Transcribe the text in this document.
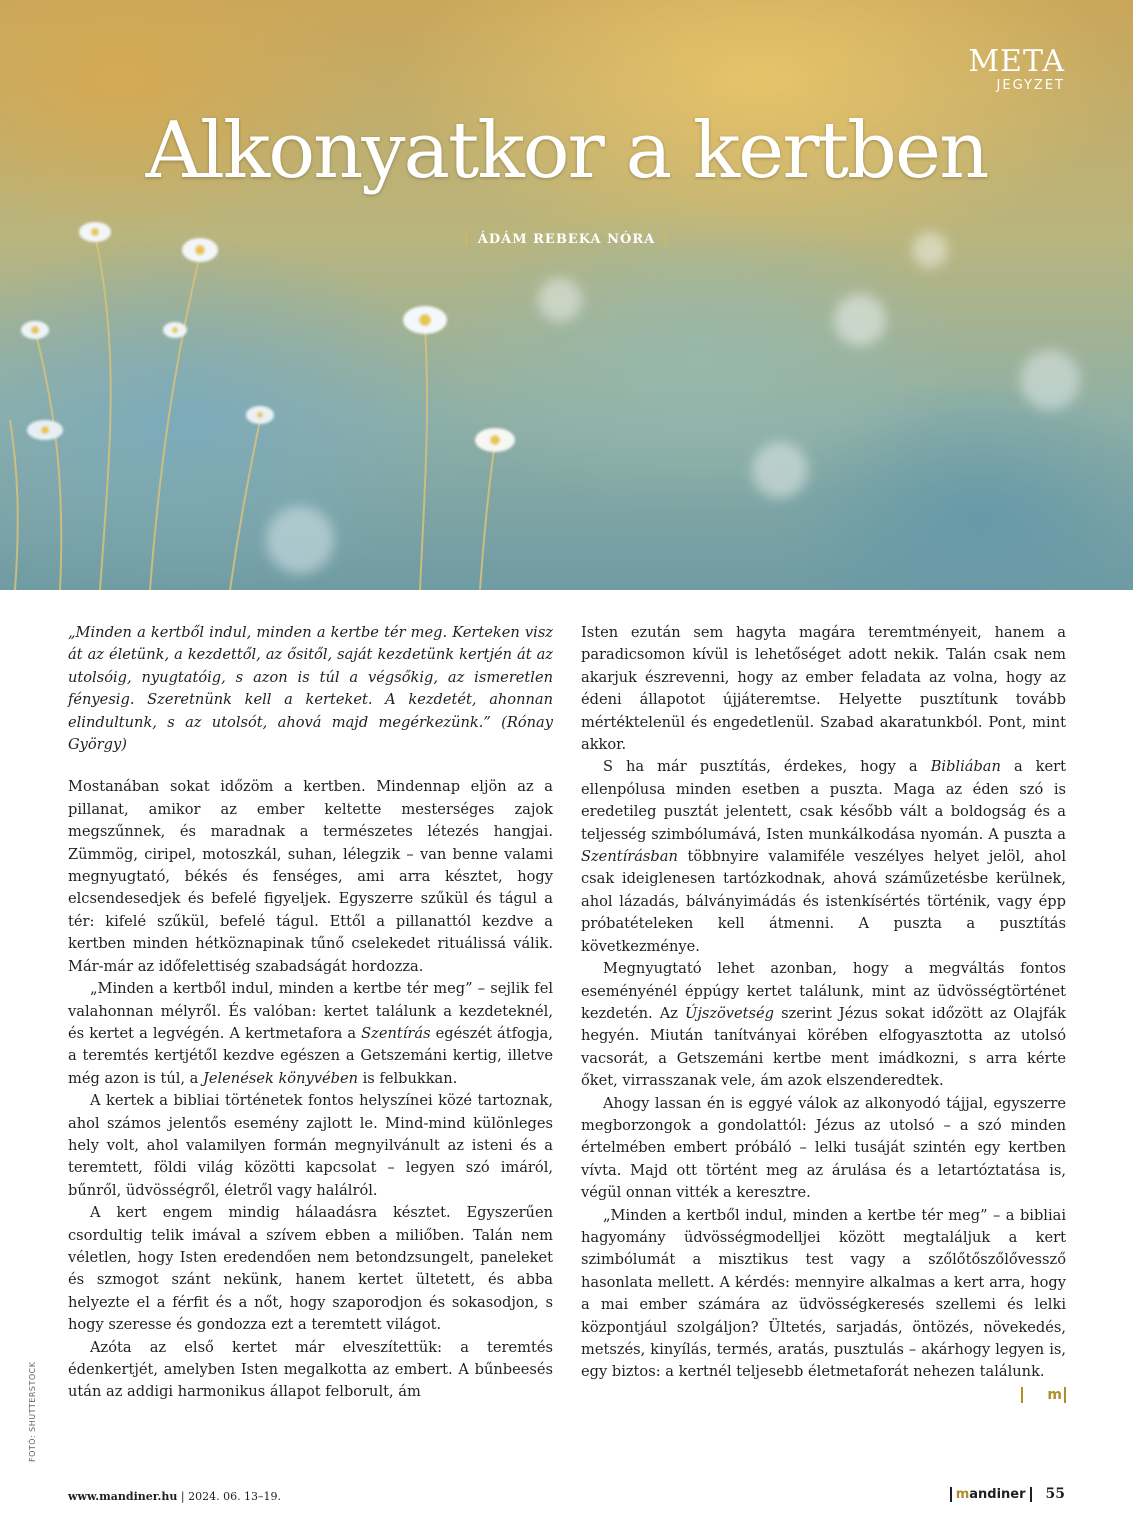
META
JEGYZET
Alkonyatkor a kertben
| ÁDÁM REBEKA NÓRA |

„Minden a kertből indul, minden a kertbe tér meg. Kerteken visz át az életünk, a kezdettől, az ősitől, saját kezdetünk kertjén át az utolsóig, nyugtatóig, s azon is túl a végsőkig, az ismeretlen fényesig. Szeretnünk kell a kerteket. A kezdetét, ahonnan elindultunk, s az utolsót, ahová majd megérkezünk.” (Rónay György)

Mostanában sokat időzöm a kertben. Mindennap eljön az a pillanat, amikor az ember keltette mesterséges zajok megszűnnek, és maradnak a természetes létezés hangjai. Zümmög, ciripel, motoszkál, suhan, lélegzik – van benne valami megnyugtató, békés és fenséges, ami arra késztet, hogy elcsendesedjek és befelé figyeljek. Egyszerre szűkül és tágul a tér: kifelé szűkül, befelé tágul. Ettől a pillanattól kezdve a kertben minden hétköznapinak tűnő cselekedet rituálissá válik. Már-már az időfelettiség szabadságát hordozza.

„Minden a kertből indul, minden a kertbe tér meg” – sejlik fel valahonnan mélyről. És valóban: kertet találunk a kezdeteknél, és kertet a legvégén. A kertmetafora a Szentírás egészét átfogja, a teremtés kertjétől kezdve egészen a Getszemáni kertig, illetve még azon is túl, a Jelenések könyvében is felbukkan.

A kertek a bibliai történetek fontos helyszínei közé tartoznak, ahol számos jelentős esemény zajlott le. Mind-mind különleges hely volt, ahol valamilyen formán megnyilvánult az isteni és a teremtett, földi világ közötti kapcsolat – legyen szó imáról, bűnről, üdvösségről, életről vagy halálról.

A kert engem mindig hálaadásra késztet. Egyszerűen csordultig telik imával a szívem ebben a miliőben. Talán nem véletlen, hogy Isten eredendően nem betondzsungelt, paneleket és szmogot szánt nekünk, hanem kertet ültetett, és abba helyezte el a férfit és a nőt, hogy szaporodjon és sokasodjon, s hogy szeresse és gondozza ezt a teremtett világot.

Azóta az első kertet már elveszítettük: a teremtés édenkertjét, amelyben Isten megalkotta az embert. A bűnbeesés után az addigi harmonikus állapot felborult, ám

Isten ezután sem hagyta magára teremtményeit, hanem a paradicsomon kívül is lehetőséget adott nekik. Talán csak nem akarjuk észrevenni, hogy az ember feladata az volna, hogy az édeni állapotot újjáteremtse. Helyette pusztítunk tovább mértéktelenül és engedetlenül. Szabad akaratunkból. Pont, mint akkor.

S ha már pusztítás, érdekes, hogy a Bibliában a kert ellenpólusa minden esetben a puszta. Maga az éden szó is eredetileg pusztát jelentett, csak később vált a boldogság és a teljesség szimbólumává, Isten munkálkodása nyomán. A puszta a Szentírásban többnyire valamiféle veszélyes helyet jelöl, ahol csak ideiglenesen tartózkodnak, ahová száműzetésbe kerülnek, ahol lázadás, bálványimádás és istenkísértés történik, vagy épp próbatételeken kell átmenni. A puszta a pusztítás következménye.

Megnyugtató lehet azonban, hogy a megváltás fontos eseményénél éppúgy kertet találunk, mint az üdvösségtörténet kezdetén. Az Újszövetség szerint Jézus sokat időzött az Olajfák hegyén. Miután tanítványai körében elfogyasztotta az utolsó vacsorát, a Getszemáni kertbe ment imádkozni, s arra kérte őket, virrasszanak vele, ám azok elszenderedtek.

Ahogy lassan én is eggyé válok az alkonyodó tájjal, egyszerre megborzongok a gondolattól: Jézus az utolsó – a szó minden értelmében embert próbáló – lelki tusáját szintén egy kertben vívta. Majd ott történt meg az árulása és a letartóztatása is, végül onnan vitték a keresztre.

„Minden a kertből indul, minden a kertbe tér meg” – a bibliai hagyomány üdvösségmodelljei között megtaláljuk a kert szimbólumát a misztikus test vagy a szőlőtőszőlővessző hasonlata mellett. A kérdés: mennyire alkalmas a kert arra, hogy a mai ember számára az üdvösségkeresés szellemi és lelki központjául szolgáljon? Ültetés, sarjadás, öntözés, növekedés, metszés, kinyílás, termés, aratás, pusztulás – akárhogy legyen is, egy biztos: a kertnél teljesebb életmetaforát nehezen találunk.
m

FOTÓ: SHUTTERSTOCK
www.mandiner.hu | 2024. 06. 13–19.	mandiner	55
